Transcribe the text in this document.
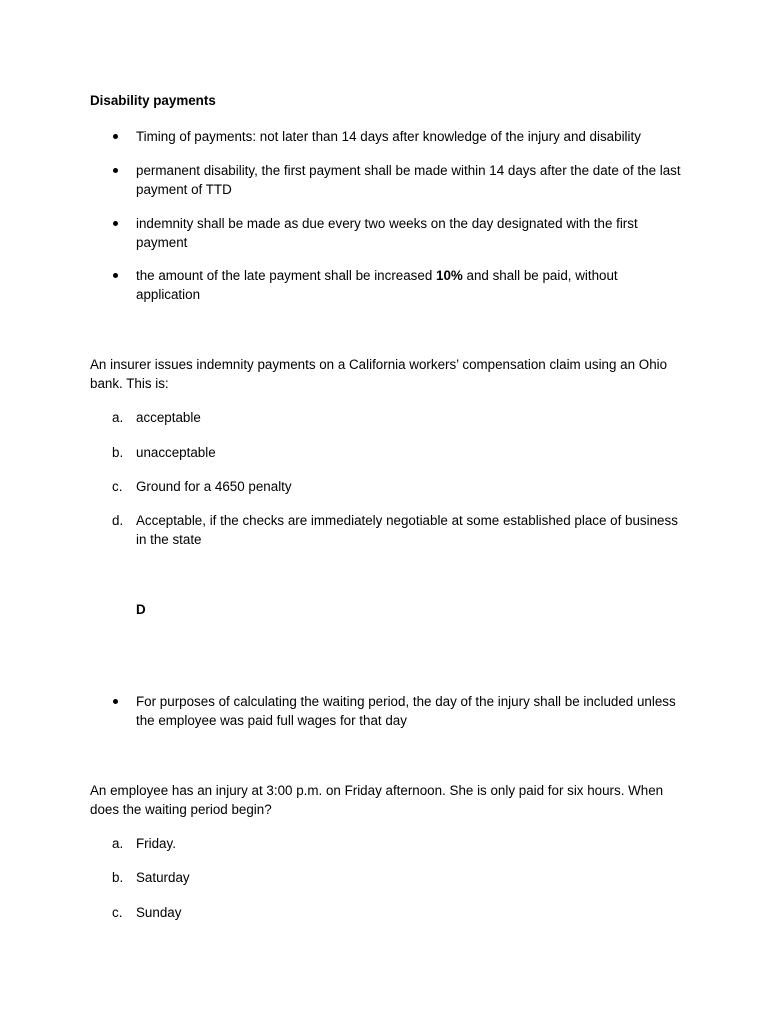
Disability payments
Timing of payments: not later than 14 days after knowledge of the injury and disability
permanent disability, the first payment shall be made within 14 days after the date of the last payment of TTD
indemnity shall be made as due every two weeks on the day designated with the first payment
the amount of the late payment shall be increased 10% and shall be paid, without application
An insurer issues indemnity payments on a California workers’ compensation claim using an Ohio bank. This is:
a. acceptable
b. unacceptable
c.	Ground for a 4650 penalty
d. Acceptable, if the checks are immediately negotiable at some established place of business in the state
D
For purposes of calculating the waiting period, the day of the injury shall be included unless the employee was paid full wages for that day
An employee has an injury at 3:00 p.m. on Friday afternoon. She is only paid for six hours. When does the waiting period begin?
a. Friday.
b. Saturday
c.	Sunday
